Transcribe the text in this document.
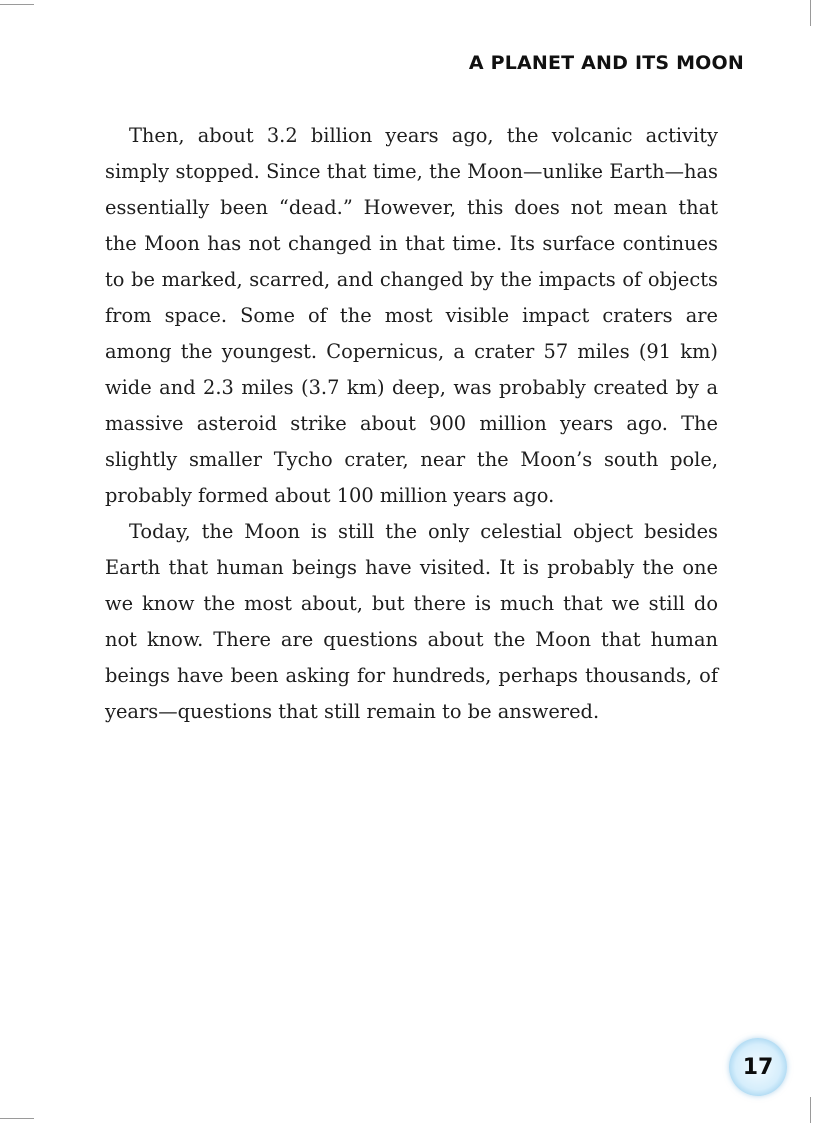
A PLANET AND ITS MOON

Then, about 3.2 billion years ago, the volcanic activity simply stopped. Since that time, the Moon—unlike Earth—has essentially been “dead.” However, this does not mean that the Moon has not changed in that time. Its surface continues to be marked, scarred, and changed by the impacts of objects from space. Some of the most visible impact craters are among the youngest. Copernicus, a crater 57 miles (91 km) wide and 2.3 miles (3.7 km) deep, was probably created by a massive asteroid strike about 900 million years ago. The slightly smaller Tycho crater, near the Moon’s south pole, probably formed about 100 million years ago.

Today, the Moon is still the only celestial object besides Earth that human beings have visited. It is probably the one we know the most about, but there is much that we still do not know. There are questions about the Moon that human beings have been asking for hundreds, perhaps thousands, of years—questions that still remain to be answered.

17
